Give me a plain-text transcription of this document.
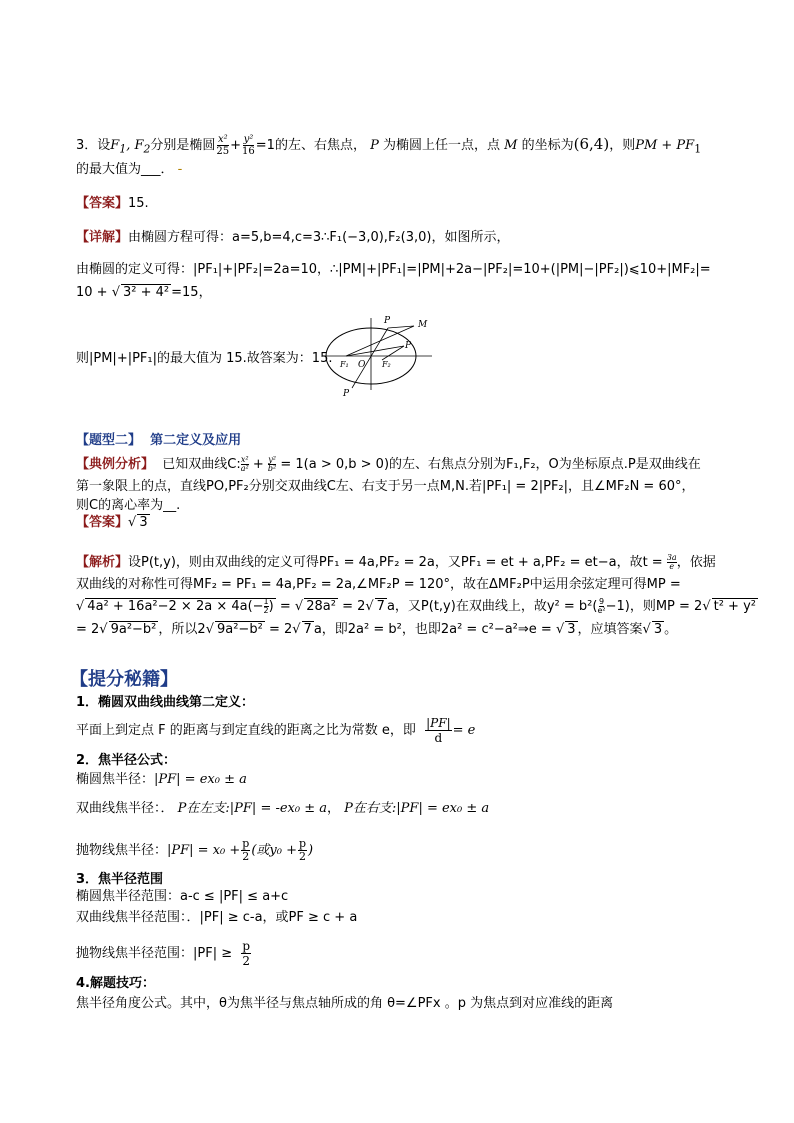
3．设$F_1$, $F_2$分别是椭圆 $\frac{\text{x²}}{25} + \frac{\text{y²}}{16} =1$的左、右焦点， P 为椭圆上任一点，点 M 的坐标为(6,4)，则PM + $PF_1$
的最大值为___． -
【答案】15.
【详解】由椭圆方程可得：a=5,b=4,c=3∴F₁(−3,0),F₂(3,0)，如图所示，
由椭圆的定义可得：|PF₁|+|PF₂|=2a=10，∴|PM|+|PF₁|=|PM|+2a−|PF₂|=10+(|PM|−|PF₂|)⩽10+|MF₂|=
10 + √ 3² + 4² =15，
P	M
P
F₁ O F₂
P
则|PM|+|PF₁|的最大值为 15.故答案为：15.
【题型二】 第二定义及应用
【典例分析】 已知双曲线C: $\frac{\text{x²}}{\text{a²}} + \frac{\text{y²}}{\text{b²}} = 1(a > 0,b > 0)$的左、右焦点分别为F₁,F₂，O为坐标原点.P是双曲线在
第一象限上的点，直线PO,PF₂分别交双曲线C左、右支于另一点M,N.若|PF₁| = 2|PF₂|，且∠MF₂N = 60°，
则C的离心率为__.
【答案】√ 3
【解析】设P(t,y)，则由双曲线的定义可得PF₁ = 4a,PF₂ = 2a，又PF₁ = et + a,PF₂ = et−a，故$t = \frac{3a}{e}$ ，依据
双曲线的对称性可得MF₂ = PF₁ = 4a,PF₂ = 2a,∠MF₂P = 120°，故在ΔMF₂P中运用余弦定理可得MP =
√ $4a^2 + 16a^2-2 \times 2a \times 4a(- \frac{1}{2}$ ) = √ 28a² = 2√ 7 a，又P(t,y)在双曲线上，故$y^2 = b^2( \frac{9}{\text{e²}} -1)$，则MP = 2√ t² + y²
= 2√ 9a²−b² ，所以2√ 9a²−b² = 2√ 7 a，即2a² = b²，也即2a² = c²−a²⇒e = √ 3 ，应填答案√ 3 。
【提分秘籍】
1．椭圆双曲线曲线第二定义：
平面上到定点 F 的距离与到定直线的距离之比为常数 e，即 $\frac{|PF|}{d} = e$
2．焦半径公式：
椭圆焦半径：|PF| = ex₀ ± a
双曲线焦半径：． P在左支:|PF| = -ex₀ ± a， P在右支:|PF| = ex₀ ± a
抛物线焦半径：$|PF| = x_0 + \frac{p}{2}$ (或$y_0 + \frac{p}{2}$ )
3．焦半径范围
椭圆焦半径范围：a-c ≤ |PF| ≤ a+c
双曲线焦半径范围：．|PF| ≥ c-a，或PF ≥ c + a
抛物线焦半径范围：$|PF| \ge \frac{p}{2}$
4.解题技巧：
焦半径角度公式。其中，θ为焦半径与焦点轴所成的角 θ=∠PFx 。p 为焦点到对应准线的距离
